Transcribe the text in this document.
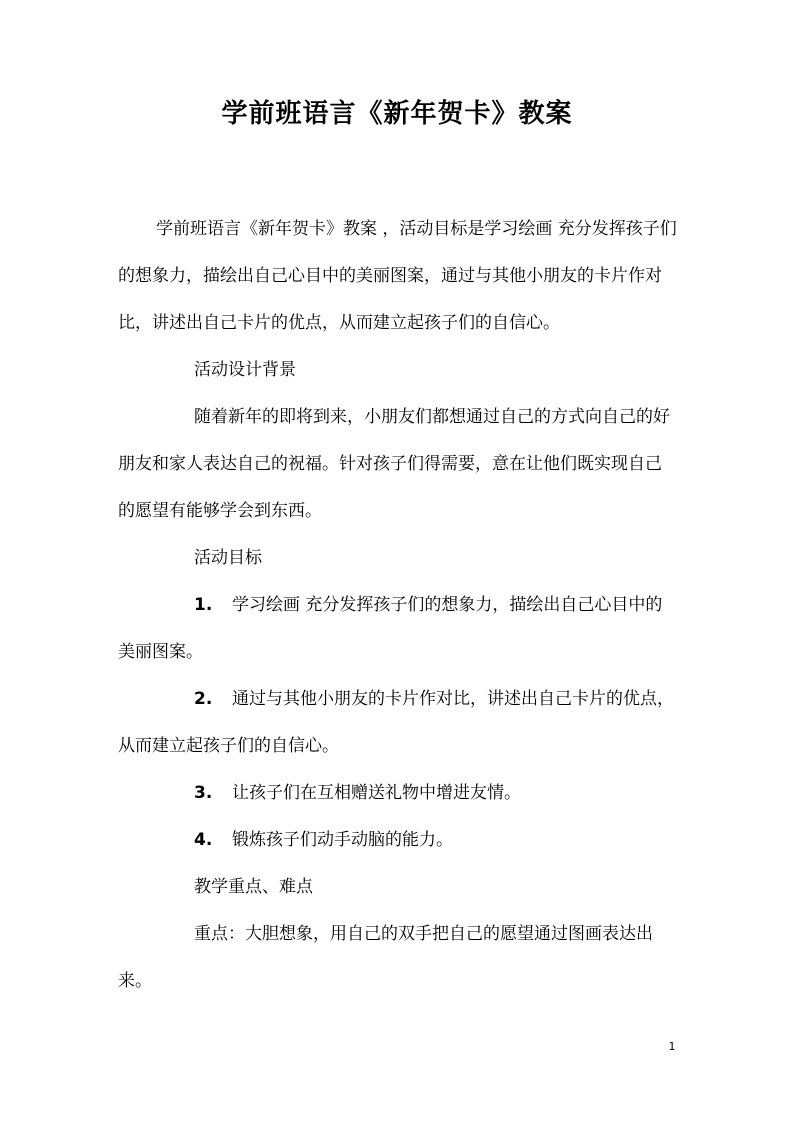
学前班语言《新年贺卡》教案

学前班语言《新年贺卡》教案 ，活动目标是学习绘画 充分发挥孩子们的想象力，描绘出自己心目中的美丽图案，通过与其他小朋友的卡片作对比，讲述出自己卡片的优点，从而建立起孩子们的自信心。

活动设计背景

随着新年的即将到来，小朋友们都想通过自己的方式向自己的好朋友和家人表达自己的祝福。针对孩子们得需要，意在让他们既实现自己的愿望有能够学会到东西。

活动目标

1. 学习绘画 充分发挥孩子们的想象力，描绘出自己心目中的美丽图案。

2. 通过与其他小朋友的卡片作对比，讲述出自己卡片的优点，从而建立起孩子们的自信心。

3. 让孩子们在互相赠送礼物中增进友情。

4. 锻炼孩子们动手动脑的能力。

教学重点、难点

重点：大胆想象，用自己的双手把自己的愿望通过图画表达出来。

1
